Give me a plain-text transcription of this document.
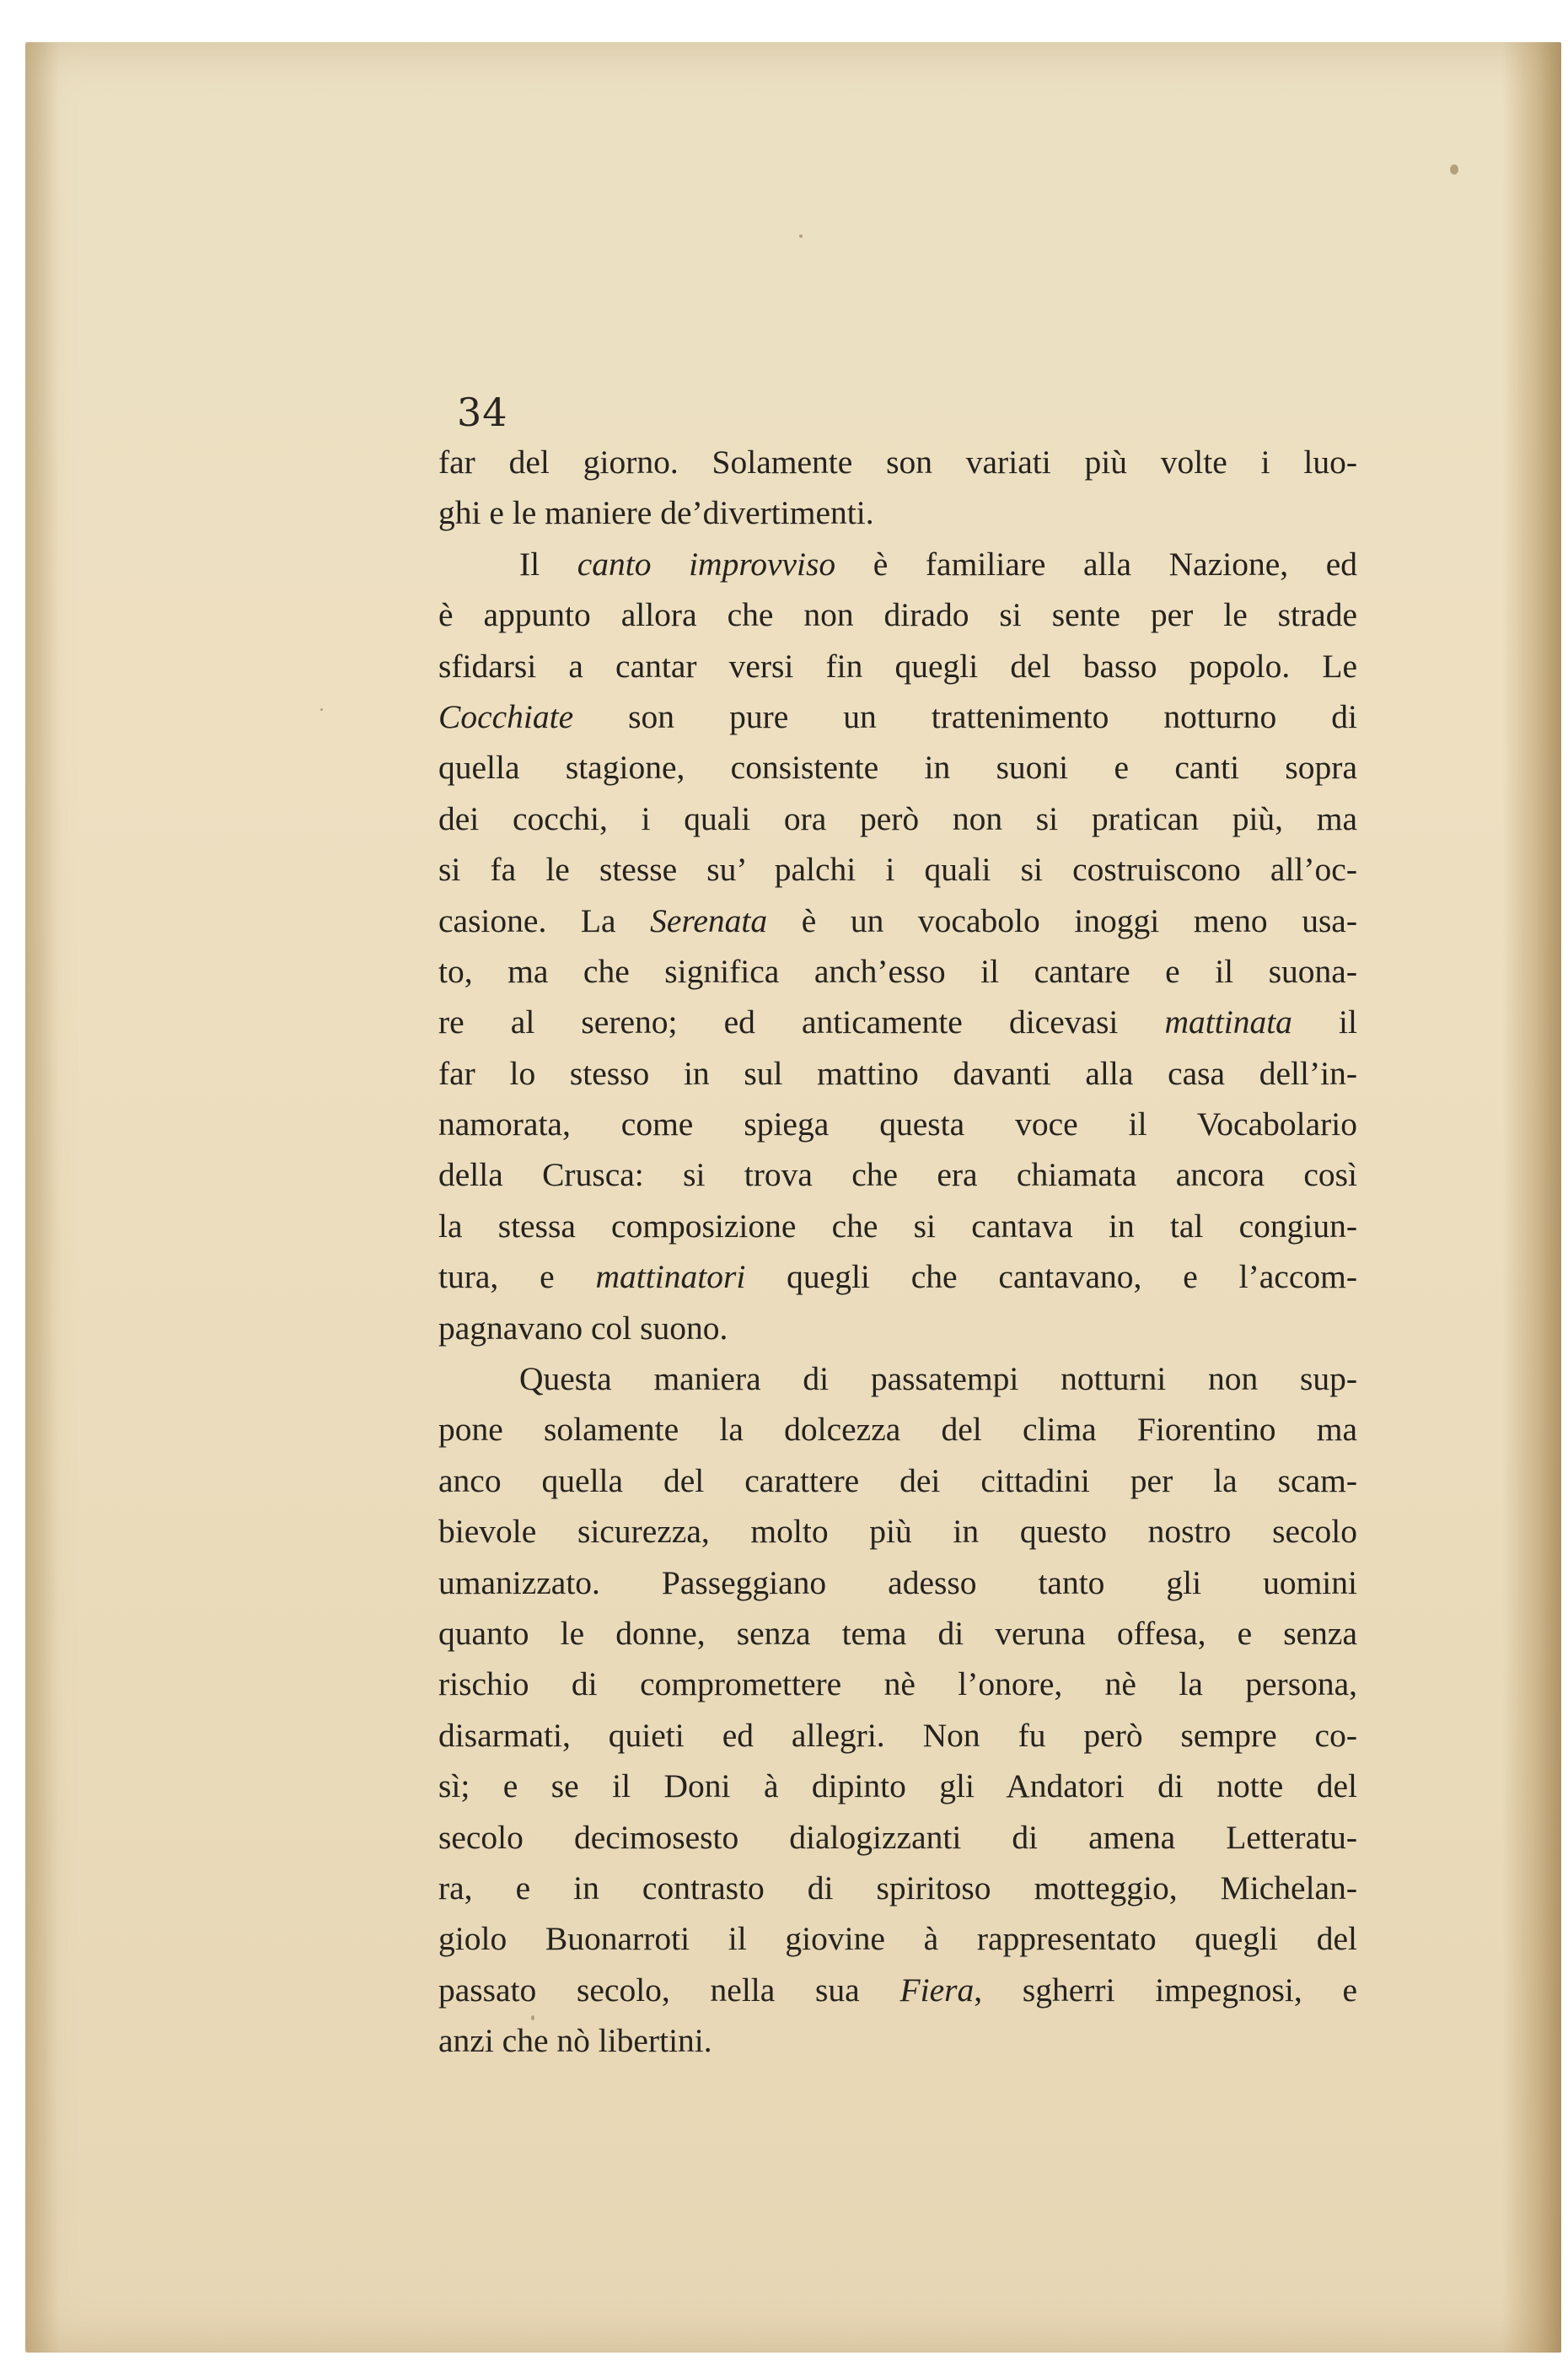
34
far del giorno. Solamente son variati più volte i luo-
ghi e le maniere de’divertimenti.
Il canto improvviso è familiare alla Nazione, ed
è appunto allora che non dirado si sente per le strade
sfidarsi a cantar versi fin quegli del basso popolo. Le
Cocchiate son pure un trattenimento notturno di
quella stagione, consistente in suoni e canti sopra
dei cocchi, i quali ora però non si pratican più, ma
si fa le stesse su’ palchi i quali si costruiscono all’oc-
casione. La Serenata è un vocabolo inoggi meno usa-
to, ma che significa anch’esso il cantare e il suona-
re al sereno; ed anticamente dicevasi mattinata il
far lo stesso in sul mattino davanti alla casa dell’in-
namorata, come spiega questa voce il Vocabolario
della Crusca: si trova che era chiamata ancora così
la stessa composizione che si cantava in tal congiun-
tura, e mattinatori quegli che cantavano, e l’accom-
pagnavano col suono.
Questa maniera di passatempi notturni non sup-
pone solamente la dolcezza del clima Fiorentino ma
anco quella del carattere dei cittadini per la scam-
bievole sicurezza, molto più in questo nostro secolo
umanizzato. Passeggiano adesso tanto gli uomini
quanto le donne, senza tema di veruna offesa, e senza
rischio di compromettere nè l’onore, nè la persona,
disarmati, quieti ed allegri. Non fu però sempre co-
sì; e se il Doni à dipinto gli Andatori di notte del
secolo decimosesto dialogizzanti di amena Letteratu-
ra, e in contrasto di spiritoso motteggio, Michelan-
giolo Buonarroti il giovine à rappresentato quegli del
passato secolo, nella sua Fiera, sgherri impegnosi, e
anzi che nò libertini.
